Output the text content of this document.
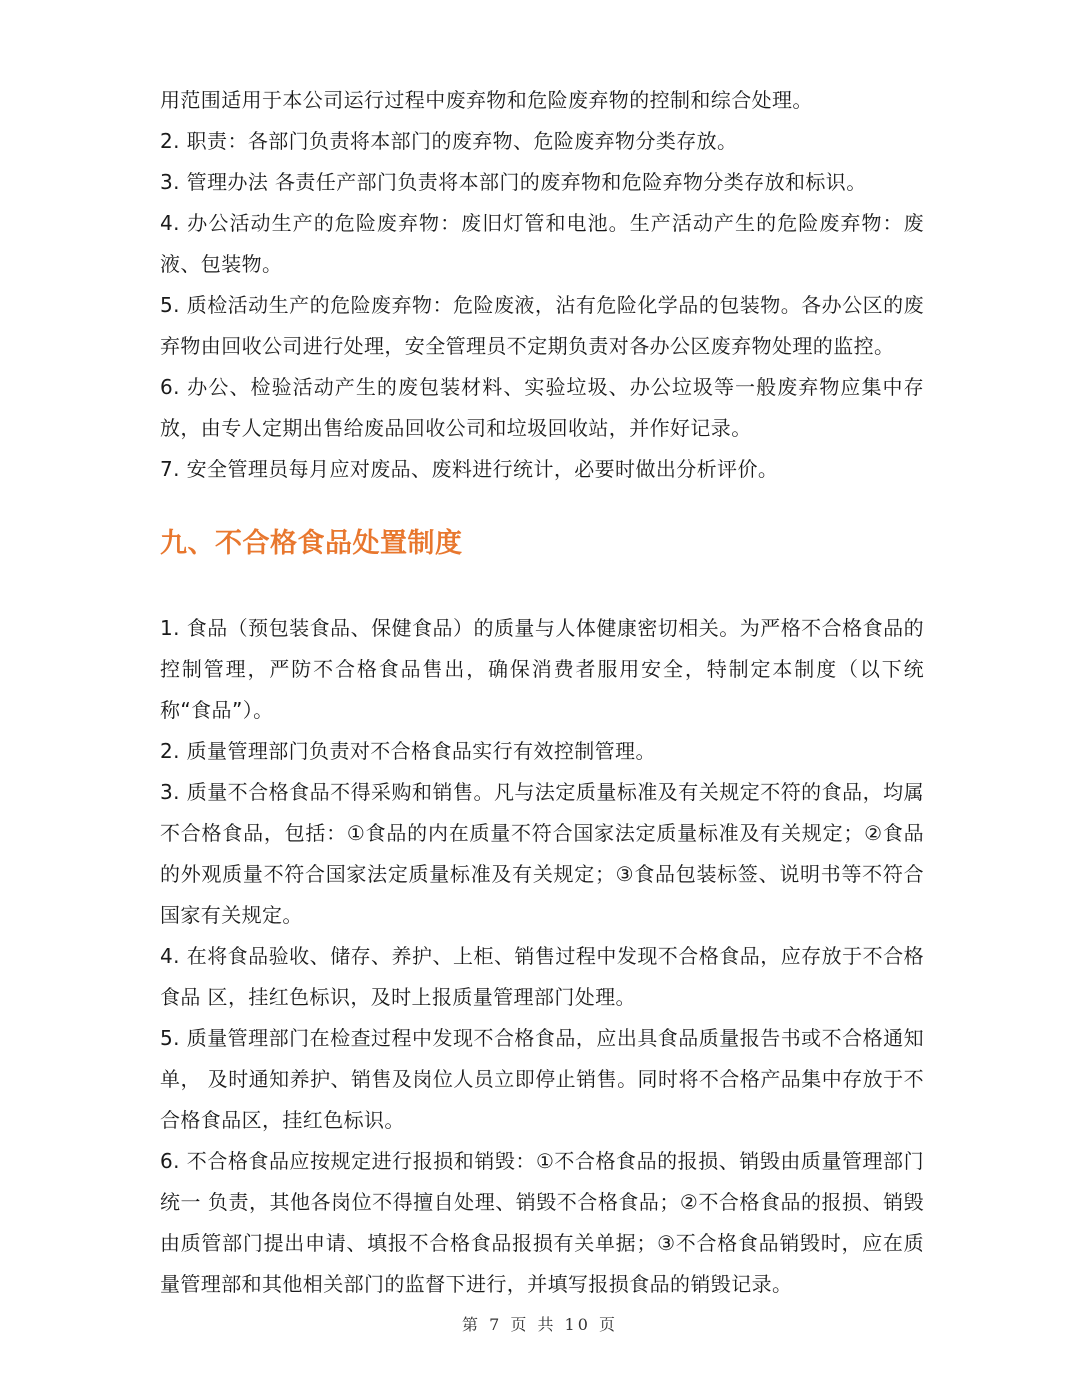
用范围适用于本公司运行过程中废弃物和危险废弃物的控制和综合处理。

2. 职责：各部门负责将本部门的废弃物、危险废弃物分类存放。

3. 管理办法 各责任产部门负责将本部门的废弃物和危险弃物分类存放和标识。

4. 办公活动生产的危险废弃物：废旧灯管和电池。生产活动产生的危险废弃物：废液、包装物。

5. 质检活动生产的危险废弃物：危险废液，沾有危险化学品的包装物。各办公区的废弃物由回收公司进行处理，安全管理员不定期负责对各办公区废弃物处理的监控。

6. 办公、检验活动产生的废包装材料、实验垃圾、办公垃圾等一般废弃物应集中存放，由专人定期出售给废品回收公司和垃圾回收站，并作好记录。

7. 安全管理员每月应对废品、废料进行统计，必要时做出分析评价。

九、不合格食品处置制度

1. 食品（预包装食品、保健食品）的质量与人体健康密切相关。为严格不合格食品的控制管理，严防不合格食品售出，确保消费者服用安全，特制定本制度（以下统称“食品”）。

2. 质量管理部门负责对不合格食品实行有效控制管理。

3. 质量不合格食品不得采购和销售。凡与法定质量标准及有关规定不符的食品，均属不合格食品，包括：①食品的内在质量不符合国家法定质量标准及有关规定；②食品的外观质量不符合国家法定质量标准及有关规定；③食品包装标签、说明书等不符合国家有关规定。

4. 在将食品验收、储存、养护、上柜、销售过程中发现不合格食品，应存放于不合格食品 区，挂红色标识，及时上报质量管理部门处理。

5. 质量管理部门在检查过程中发现不合格食品，应出具食品质量报告书或不合格通知单， 及时通知养护、销售及岗位人员立即停止销售。同时将不合格产品集中存放于不合格食品区，挂红色标识。

6. 不合格食品应按规定进行报损和销毁：①不合格食品的报损、销毁由质量管理部门统一 负责，其他各岗位不得擅自处理、销毁不合格食品；②不合格食品的报损、销毁由质管部门提出申请、填报不合格食品报损有关单据；③不合格食品销毁时，应在质量管理部和其他相关部门的监督下进行，并填写报损食品的销毁记录。

第 7 页 共 10 页
